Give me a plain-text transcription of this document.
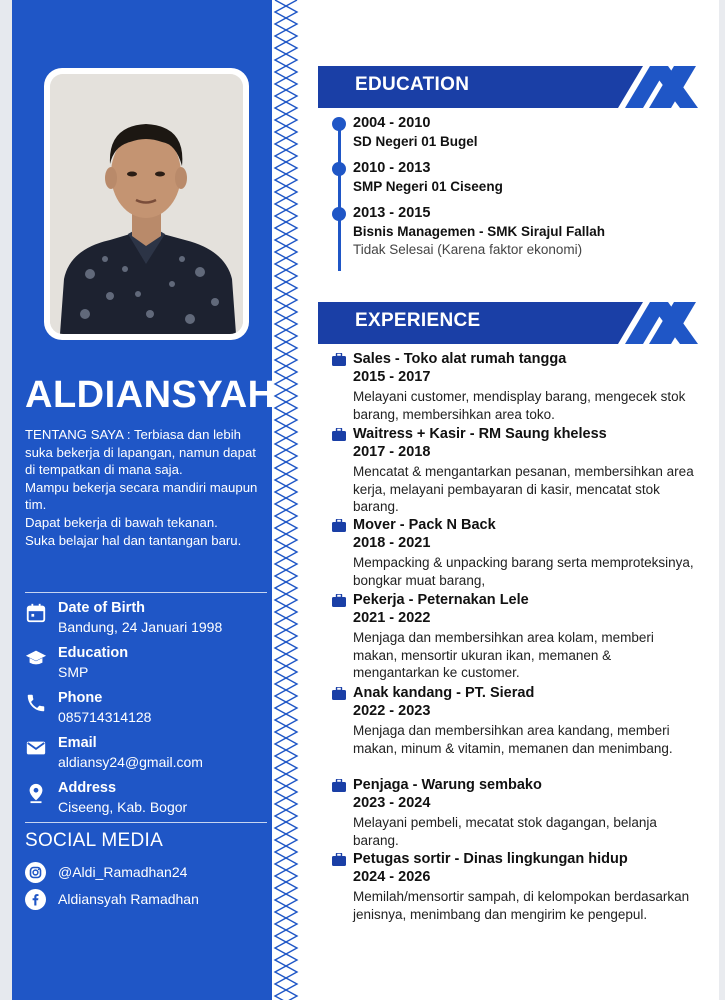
ALDIANSYAH
TENTANG SAYA : Terbiasa dan lebih suka bekerja di lapangan, namun dapat di tempatkan di mana saja.
Mampu bekerja secara mandiri maupun tim.
Dapat bekerja di bawah tekanan.
Suka belajar hal dan tantangan baru.
Date of Birth
Bandung, 24 Januari 1998
Education
SMP
Phone
085714314128
Email
aldiansy24@gmail.com
Address
Ciseeng, Kab. Bogor
SOCIAL MEDIA
@Aldi_Ramadhan24
Aldiansyah Ramadhan
EDUCATION
2004 - 2010
SD Negeri 01 Bugel
2010 - 2013
SMP Negeri 01 Ciseeng
2013 - 2015
Bisnis Managemen - SMK Sirajul Fallah
Tidak Selesai (Karena faktor ekonomi)
EXPERIENCE
Sales - Toko alat rumah tangga
2015 - 2017
Melayani customer, mendisplay barang, mengecek stok barang, membersihkan area toko.
Waitress + Kasir - RM Saung kheless
2017 - 2018
Mencatat & mengantarkan pesanan, membersihkan area kerja, melayani pembayaran di kasir, mencatat stok barang.
Mover - Pack N Back
2018 - 2021
Mempacking & unpacking barang serta memproteksinya, bongkar muat barang,
Pekerja - Peternakan Lele
2021 - 2022
Menjaga dan membersihkan area kolam, memberi makan, mensortir ukuran ikan, memanen & mengantarkan ke customer.
Anak kandang - PT. Sierad
2022 - 2023
Menjaga dan membersihkan area kandang, memberi makan, minum & vitamin, memanen dan menimbang.
Penjaga - Warung sembako
2023 - 2024
Melayani pembeli, mecatat stok dagangan, belanja barang.
Petugas sortir - Dinas lingkungan hidup
2024 - 2026
Memilah/mensortir sampah, di kelompokan berdasarkan jenisnya, menimbang dan mengirim ke pengepul.
